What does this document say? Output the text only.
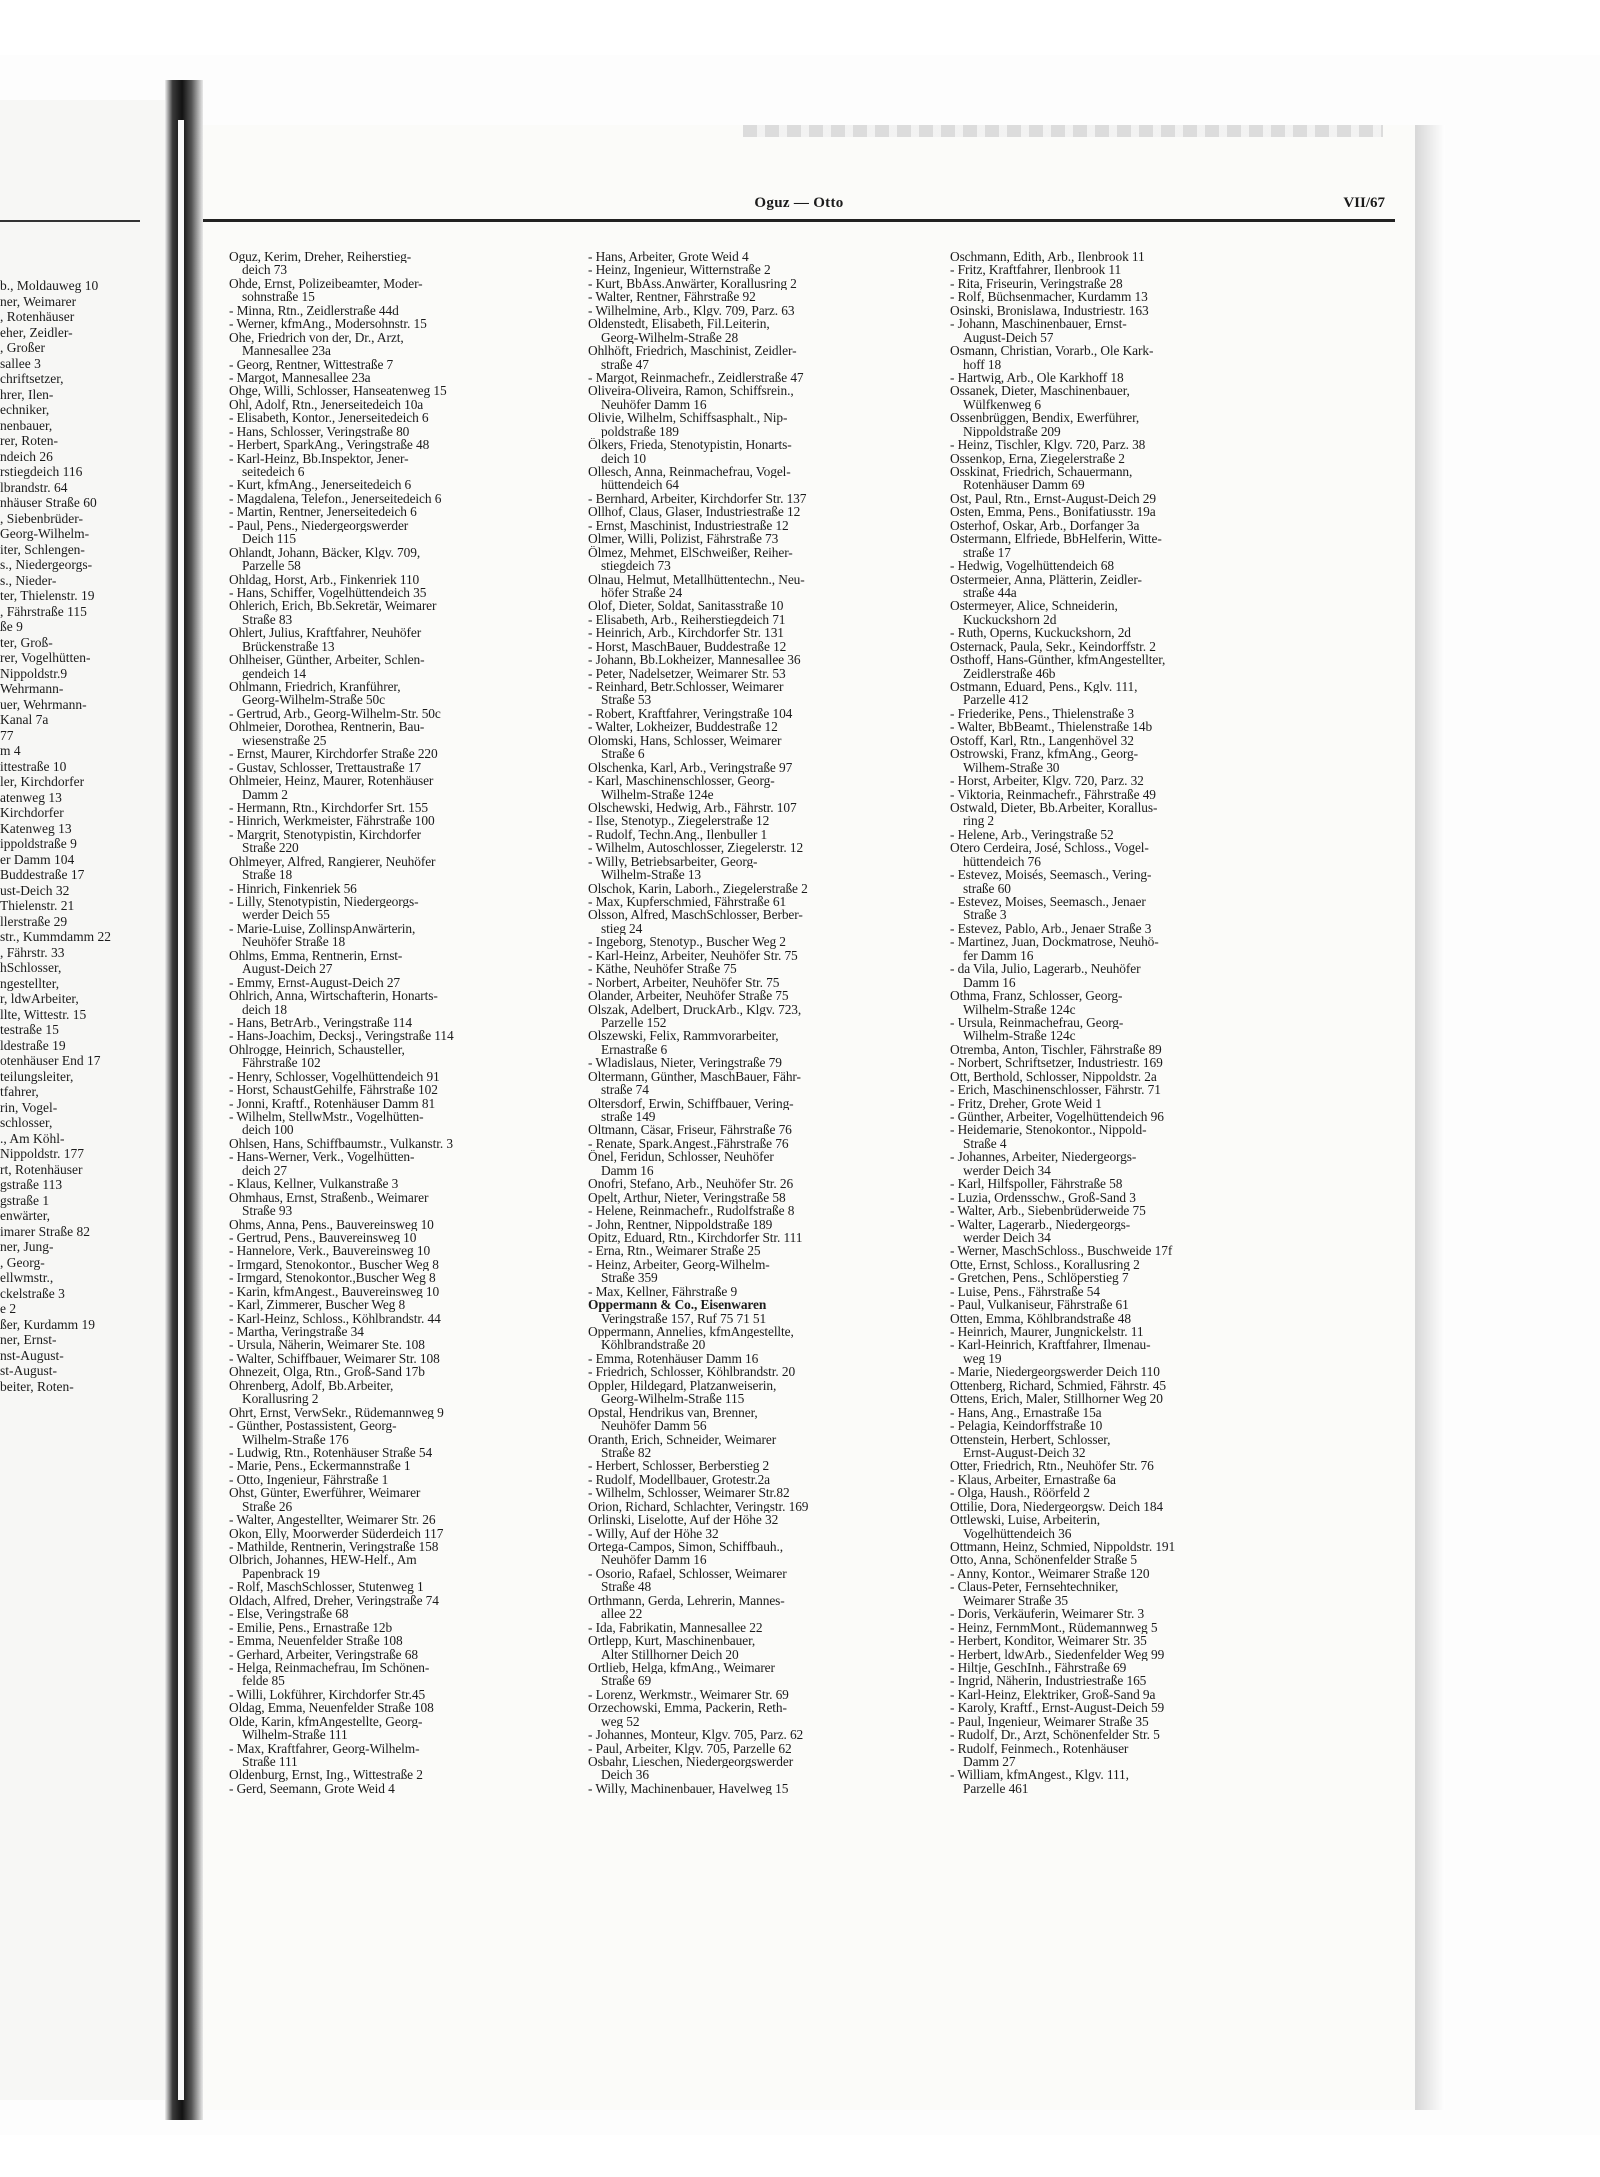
b., Moldauweg 10
ner, Weimarer
, Rotenhäuser
eher, Zeidler-
, Großer
sallee 3
chriftsetzer,
hrer, Ilen-
echniker,
nenbauer,
rer, Roten-
ndeich 26
rstiegdeich 116
lbrandstr. 64
nhäuser Straße 60
, Siebenbrüder-
Georg-Wilhelm-
iter, Schlengen-
s., Niedergeorgs-
s., Nieder-
ter, Thielenstr. 19
, Fährstraße 115
ße 9
ter, Groß-
rer, Vogelhütten-
Nippoldstr.9
Wehrmann-
uer, Wehrmann-
Kanal 7a
77
m 4
ittestraße 10
ler, Kirchdorfer
atenweg 13
Kirchdorfer
Katenweg 13
ippoldstraße 9
er Damm 104
Buddestraße 17
ust-Deich 32
Thielenstr. 21
llerstraße 29
str., Kummdamm 22
, Fährstr. 33
hSchlosser,
ngestellter,
r, ldwArbeiter,
llte, Wittestr. 15
testraße 15
ldestraße 19
otenhäuser End 17
teilungsleiter,
tfahrer,
rin, Vogel-
schlosser,
., Am Köhl-
Nippoldstr. 177
rt, Rotenhäuser
gstraße 113
gstraße 1
enwärter,
imarer Straße 82
ner, Jung-
, Georg-
ellwmstr.,
ckelstraße 3
e 2
ßer, Kurdamm 19
ner, Ernst-
nst-August-
st-August-
beiter, Roten-
Oguz — Otto	VII/67
Oguz, Kerim, Dreher, Reiherstieg-
deich 73
Ohde, Ernst, Polizeibeamter, Moder-
sohnstraße 15
- Minna, Rtn., Zeidlerstraße 44d
- Werner, kfmAng., Modersohnstr. 15
Ohe, Friedrich von der, Dr., Arzt,
Mannesallee 23a
- Georg, Rentner, Wittestraße 7
- Margot, Mannesallee 23a
Ohge, Willi, Schlosser, Hanseatenweg 15
Ohl, Adolf, Rtn., Jenerseitedeich 10a
- Elisabeth, Kontor., Jenerseitedeich 6
- Hans, Schlosser, Veringstraße 80
- Herbert, SparkAng., Veringstraße 48
- Karl-Heinz, Bb.Inspektor, Jener-
seitedeich 6
- Kurt, kfmAng., Jenerseitedeich 6
- Magdalena, Telefon., Jenerseitedeich 6
- Martin, Rentner, Jenerseitedeich 6
- Paul, Pens., Niedergeorgswerder
Deich 115
Ohlandt, Johann, Bäcker, Klgv. 709,
Parzelle 58
Ohldag, Horst, Arb., Finkenriek 110
- Hans, Schiffer, Vogelhüttendeich 35
Ohlerich, Erich, Bb.Sekretär, Weimarer
Straße 83
Ohlert, Julius, Kraftfahrer, Neuhöfer
Brückenstraße 13
Ohlheiser, Günther, Arbeiter, Schlen-
gendeich 14
Ohlmann, Friedrich, Kranführer,
Georg-Wilhelm-Straße 50c
- Gertrud, Arb., Georg-Wilhelm-Str. 50c
Ohlmeier, Dorothea, Rentnerin, Bau-
wiesenstraße 25
- Ernst, Maurer, Kirchdorfer Straße 220
- Gustav, Schlosser, Trettaustraße 17
Ohlmeier, Heinz, Maurer, Rotenhäuser
Damm 2
- Hermann, Rtn., Kirchdorfer Srt. 155
- Hinrich, Werkmeister, Fährstraße 100
- Margrit, Stenotypistin, Kirchdorfer
Straße 220
Ohlmeyer, Alfred, Rangierer, Neuhöfer
Straße 18
- Hinrich, Finkenriek 56
- Lilly, Stenotypistin, Niedergeorgs-
werder Deich 55
- Marie-Luise, ZollinspAnwärterin,
Neuhöfer Straße 18
Ohlms, Emma, Rentnerin, Ernst-
August-Deich 27
- Emmy, Ernst-August-Deich 27
Ohlrich, Anna, Wirtschafterin, Honarts-
deich 18
- Hans, BetrArb., Veringstraße 114
- Hans-Joachim, Decksj., Veringstraße 114
Ohlrogge, Heinrich, Schausteller,
Fährstraße 102
- Henry, Schlosser, Vogelhüttendeich 91
- Horst, SchaustGehilfe, Fährstraße 102
- Jonni, Kraftf., Rotenhäuser Damm 81
- Wilhelm, StellwMstr., Vogelhütten-
deich 100
Ohlsen, Hans, Schiffbaumstr., Vulkanstr. 3
- Hans-Werner, Verk., Vogelhütten-
deich 27
- Klaus, Kellner, Vulkanstraße 3
Ohmhaus, Ernst, Straßenb., Weimarer
Straße 93
Ohms, Anna, Pens., Bauvereinsweg 10
- Gertrud, Pens., Bauvereinsweg 10
- Hannelore, Verk., Bauvereinsweg 10
- Irmgard, Stenokontor., Buscher Weg 8
- Irmgard, Stenokontor.,Buscher Weg 8
- Karin, kfmAngest., Bauvereinsweg 10
- Karl, Zimmerer, Buscher Weg 8
- Karl-Heinz, Schloss., Köhlbrandstr. 44
- Martha, Veringstraße 34
- Ursula, Näherin, Weimarer Ste. 108
- Walter, Schiffbauer, Weimarer Str. 108
Ohnezeit, Olga, Rtn., Groß-Sand 17b
Ohrenberg, Adolf, Bb.Arbeiter,
Korallusring 2
Ohrt, Ernst, VerwSekr., Rüdemannweg 9
- Günther, Postassistent, Georg-
Wilhelm-Straße 176
- Ludwig, Rtn., Rotenhäuser Straße 54
- Marie, Pens., Eckermannstraße 1
- Otto, Ingenieur, Fährstraße 1
Ohst, Günter, Ewerführer, Weimarer
Straße 26
- Walter, Angestellter, Weimarer Str. 26
Okon, Elly, Moorwerder Süderdeich 117
- Mathilde, Rentnerin, Veringstraße 158
Olbrich, Johannes, HEW-Helf., Am
Papenbrack 19
- Rolf, MaschSchlosser, Stutenweg 1
Oldach, Alfred, Dreher, Veringstraße 74
- Else, Veringstraße 68
- Emilie, Pens., Ernastraße 12b
- Emma, Neuenfelder Straße 108
- Gerhard, Arbeiter, Veringstraße 68
- Helga, Reinmachefrau, Im Schönen-
felde 85
- Willi, Lokführer, Kirchdorfer Str.45
Oldag, Emma, Neuenfelder Straße 108
Olde, Karin, kfmAngestellte, Georg-
Wilhelm-Straße 111
- Max, Kraftfahrer, Georg-Wilhelm-
Straße 111
Oldenburg, Ernst, Ing., Wittestraße 2
- Gerd, Seemann, Grote Weid 4
- Hans, Arbeiter, Grote Weid 4
- Heinz, Ingenieur, Witternstraße 2
- Kurt, BbAss.Anwärter, Korallusring 2
- Walter, Rentner, Fährstraße 92
- Wilhelmine, Arb., Klgv. 709, Parz. 63
Oldenstedt, Elisabeth, Fil.Leiterin,
Georg-Wilhelm-Straße 28
Ohlhöft, Friedrich, Maschinist, Zeidler-
straße 47
- Margot, Reinmachefr., Zeidlerstraße 47
Oliveira-Oliveira, Ramon, Schiffsrein.,
Neuhöfer Damm 16
Olivie, Wilhelm, Schiffsasphalt., Nip-
poldstraße 189
Ölkers, Frieda, Stenotypistin, Honarts-
deich 10
Ollesch, Anna, Reinmachefrau, Vogel-
hüttendeich 64
- Bernhard, Arbeiter, Kirchdorfer Str. 137
Ollhof, Claus, Glaser, Industriestraße 12
- Ernst, Maschinist, Industriestraße 12
Olmer, Willi, Polizist, Fährstraße 73
Ölmez, Mehmet, ElSchweißer, Reiher-
stiegdeich 73
Olnau, Helmut, Metallhüttentechn., Neu-
höfer Straße 24
Olof, Dieter, Soldat, Sanitasstraße 10
- Elisabeth, Arb., Reiherstiegdeich 71
- Heinrich, Arb., Kirchdorfer Str. 131
- Horst, MaschBauer, Buddestraße 12
- Johann, Bb.Lokheizer, Mannesallee 36
- Peter, Nadelsetzer, Weimarer Str. 53
- Reinhard, Betr.Schlosser, Weimarer
Straße 53
- Robert, Kraftfahrer, Veringstraße 104
- Walter, Lokheizer, Buddestraße 12
Olomski, Hans, Schlosser, Weimarer
Straße 6
Olschenka, Karl, Arb., Veringstraße 97
- Karl, Maschinenschlosser, Georg-
Wilhelm-Straße 124e
Olschewski, Hedwig, Arb., Fährstr. 107
- Ilse, Stenotyp., Ziegelerstraße 12
- Rudolf, Techn.Ang., Ilenbuller 1
- Wilhelm, Autoschlosser, Ziegelerstr. 12
- Willy, Betriebsarbeiter, Georg-
Wilhelm-Straße 13
Olschok, Karin, Laborh., Ziegelerstraße 2
- Max, Kupferschmied, Fährstraße 61
Olsson, Alfred, MaschSchlosser, Berber-
stieg 24
- Ingeborg, Stenotyp., Buscher Weg 2
- Karl-Heinz, Arbeiter, Neuhöfer Str. 75
- Käthe, Neuhöfer Straße 75
- Norbert, Arbeiter, Neuhöfer Str. 75
Olander, Arbeiter, Neuhöfer Straße 75
Olszak, Adelbert, DruckArb., Klgv. 723,
Parzelle 152
Olszewski, Felix, Rammvorarbeiter,
Ernastraße 6
- Wladislaus, Nieter, Veringstraße 79
Oltermann, Günther, MaschBauer, Fähr-
straße 74
Oltersdorf, Erwin, Schiffbauer, Vering-
straße 149
Oltmann, Cäsar, Friseur, Fährstraße 76
- Renate, Spark.Angest.,Fährstraße 76
Önel, Feridun, Schlosser, Neuhöfer
Damm 16
Onofri, Stefano, Arb., Neuhöfer Str. 26
Opelt, Arthur, Nieter, Veringstraße 58
- Helene, Reinmachefr., Rudolfstraße 8
- John, Rentner, Nippoldstraße 189
Opitz, Eduard, Rtn., Kirchdorfer Str. 111
- Erna, Rtn., Weimarer Straße 25
- Heinz, Arbeiter, Georg-Wilhelm-
Straße 359
- Max, Kellner, Fährstraße 9
Oppermann & Co., Eisenwaren
Veringstraße 157, Ruf 75 71 51
Oppermann, Annelies, kfmAngestellte,
Köhlbrandstraße 20
- Emma, Rotenhäuser Damm 16
- Friedrich, Schlosser, Köhlbrandstr. 20
Oppler, Hildegard, Platzanweiserin,
Georg-Wilhelm-Straße 115
Opstal, Hendrikus van, Brenner,
Neuhöfer Damm 56
Oranth, Erich, Schneider, Weimarer
Straße 82
- Herbert, Schlosser, Berberstieg 2
- Rudolf, Modellbauer, Grotestr.2a
- Wilhelm, Schlosser, Weimarer Str.82
Orion, Richard, Schlachter, Veringstr. 169
Orlinski, Liselotte, Auf der Höhe 32
- Willy, Auf der Höhe 32
Ortega-Campos, Simon, Schiffbauh.,
Neuhöfer Damm 16
- Osorio, Rafael, Schlosser, Weimarer
Straße 48
Orthmann, Gerda, Lehrerin, Mannes-
allee 22
- Ida, Fabrikatin, Mannesallee 22
Ortlepp, Kurt, Maschinenbauer,
Alter Stillhorner Deich 20
Ortlieb, Helga, kfmAng., Weimarer
Straße 69
- Lorenz, Werkmstr., Weimarer Str. 69
Orzechowski, Emma, Packerin, Reth-
weg 52
- Johannes, Monteur, Klgv. 705, Parz. 62
- Paul, Arbeiter, Klgv. 705, Parzelle 62
Osbahr, Lieschen, Niedergeorgswerder
Deich 36
- Willy, Machinenbauer, Havelweg 15
Oschmann, Edith, Arb., Ilenbrook 11
- Fritz, Kraftfahrer, Ilenbrook 11
- Rita, Friseurin, Veringstraße 28
- Rolf, Büchsenmacher, Kurdamm 13
Osinski, Bronislawa, Industriestr. 163
- Johann, Maschinenbauer, Ernst-
August-Deich 57
Osmann, Christian, Vorarb., Ole Kark-
hoff 18
- Hartwig, Arb., Ole Karkhoff 18
Ossanek, Dieter, Maschinenbauer,
Wülfkenweg 6
Ossenbrüggen, Bendix, Ewerführer,
Nippoldstraße 209
- Heinz, Tischler, Klgv. 720, Parz. 38
Ossenkop, Erna, Ziegelerstraße 2
Osskinat, Friedrich, Schauermann,
Rotenhäuser Damm 69
Ost, Paul, Rtn., Ernst-August-Deich 29
Osten, Emma, Pens., Bonifatiusstr. 19a
Osterhof, Oskar, Arb., Dorfanger 3a
Ostermann, Elfriede, BbHelferin, Witte-
straße 17
- Hedwig, Vogelhüttendeich 68
Ostermeier, Anna, Plätterin, Zeidler-
straße 44a
Ostermeyer, Alice, Schneiderin,
Kuckuckshorn 2d
- Ruth, Operns, Kuckuckshorn, 2d
Osternack, Paula, Sekr., Keindorffstr. 2
Osthoff, Hans-Günther, kfmAngestellter,
Zeidlerstraße 46b
Ostmann, Eduard, Pens., Kglv. 111,
Parzelle 412
- Friederike, Pens., Thielenstraße 3
- Walter, BbBeamt., Thielenstraße 14b
Ostoff, Karl, Rtn., Langenhövel 32
Ostrowski, Franz, kfmAng., Georg-
Wilhem-Straße 30
- Horst, Arbeiter, Klgv. 720, Parz. 32
- Viktoria, Reinmachefr., Fährstraße 49
Ostwald, Dieter, Bb.Arbeiter, Korallus-
ring 2
- Helene, Arb., Veringstraße 52
Otero Cerdeira, José, Schloss., Vogel-
hüttendeich 76
- Estevez, Moisés, Seemasch., Vering-
straße 60
- Estevez, Moises, Seemasch., Jenaer
Straße 3
- Estevez, Pablo, Arb., Jenaer Straße 3
- Martinez, Juan, Dockmatrose, Neuhö-
fer Damm 16
- da Vila, Julio, Lagerarb., Neuhöfer
Damm 16
Othma, Franz, Schlosser, Georg-
Wilhelm-Straße 124c
- Ursula, Reinmachefrau, Georg-
Wilhelm-Straße 124c
Otremba, Anton, Tischler, Fährstraße 89
- Norbert, Schriftsetzer, Industriestr. 169
Ott, Berthold, Schlosser, Nippoldstr. 2a
- Erich, Maschinenschlosser, Fährstr. 71
- Fritz, Dreher, Grote Weid 1
- Günther, Arbeiter, Vogelhüttendeich 96
- Heidemarie, Stenokontor., Nippold-
Straße 4
- Johannes, Arbeiter, Niedergeorgs-
werder Deich 34
- Karl, Hilfspoller, Fährstraße 58
- Luzia, Ordensschw., Groß-Sand 3
- Walter, Arb., Siebenbrüderweide 75
- Walter, Lagerarb., Niedergeorgs-
werder Deich 34
- Werner, MaschSchloss., Buschweide 17f
Otte, Ernst, Schloss., Korallusring 2
- Gretchen, Pens., Schlöperstieg 7
- Luise, Pens., Fährstraße 54
- Paul, Vulkaniseur, Fährstraße 61
Otten, Emma, Köhlbrandstraße 48
- Heinrich, Maurer, Jungnickelstr. 11
- Karl-Heinrich, Kraftfahrer, Ilmenau-
weg 19
- Marie, Niedergeorgswerder Deich 110
Ottenberg, Richard, Schmied, Fährstr. 45
Ottens, Erich, Maler, Stillhorner Weg 20
- Hans, Ang., Ernastraße 15a
- Pelagia, Keindorffstraße 10
Ottenstein, Herbert, Schlosser,
Ernst-August-Deich 32
Otter, Friedrich, Rtn., Neuhöfer Str. 76
- Klaus, Arbeiter, Ernastraße 6a
- Olga, Haush., Röörfeld 2
Ottilie, Dora, Niedergeorgsw. Deich 184
Ottlewski, Luise, Arbeiterin,
Vogelhüttendeich 36
Ottmann, Heinz, Schmied, Nippoldstr. 191
Otto, Anna, Schönenfelder Straße 5
- Anny, Kontor., Weimarer Straße 120
- Claus-Peter, Fernsehtechniker,
Weimarer Straße 35
- Doris, Verkäuferin, Weimarer Str. 3
- Heinz, FernmMont., Rüdemannweg 5
- Herbert, Konditor, Weimarer Str. 35
- Herbert, ldwArb., Siedenfelder Weg 99
- Hiltje, GeschInh., Fährstraße 69
- Ingrid, Näherin, Industriestraße 165
- Karl-Heinz, Elektriker, Groß-Sand 9a
- Karoly, Kraftf., Ernst-August-Deich 59
- Paul, Ingenieur, Weimarer Straße 35
- Rudolf, Dr., Arzt, Schönenfelder Str. 5
- Rudolf, Feinmech., Rotenhäuser
Damm 27
- William, kfmAngest., Klgv. 111,
Parzelle 461
